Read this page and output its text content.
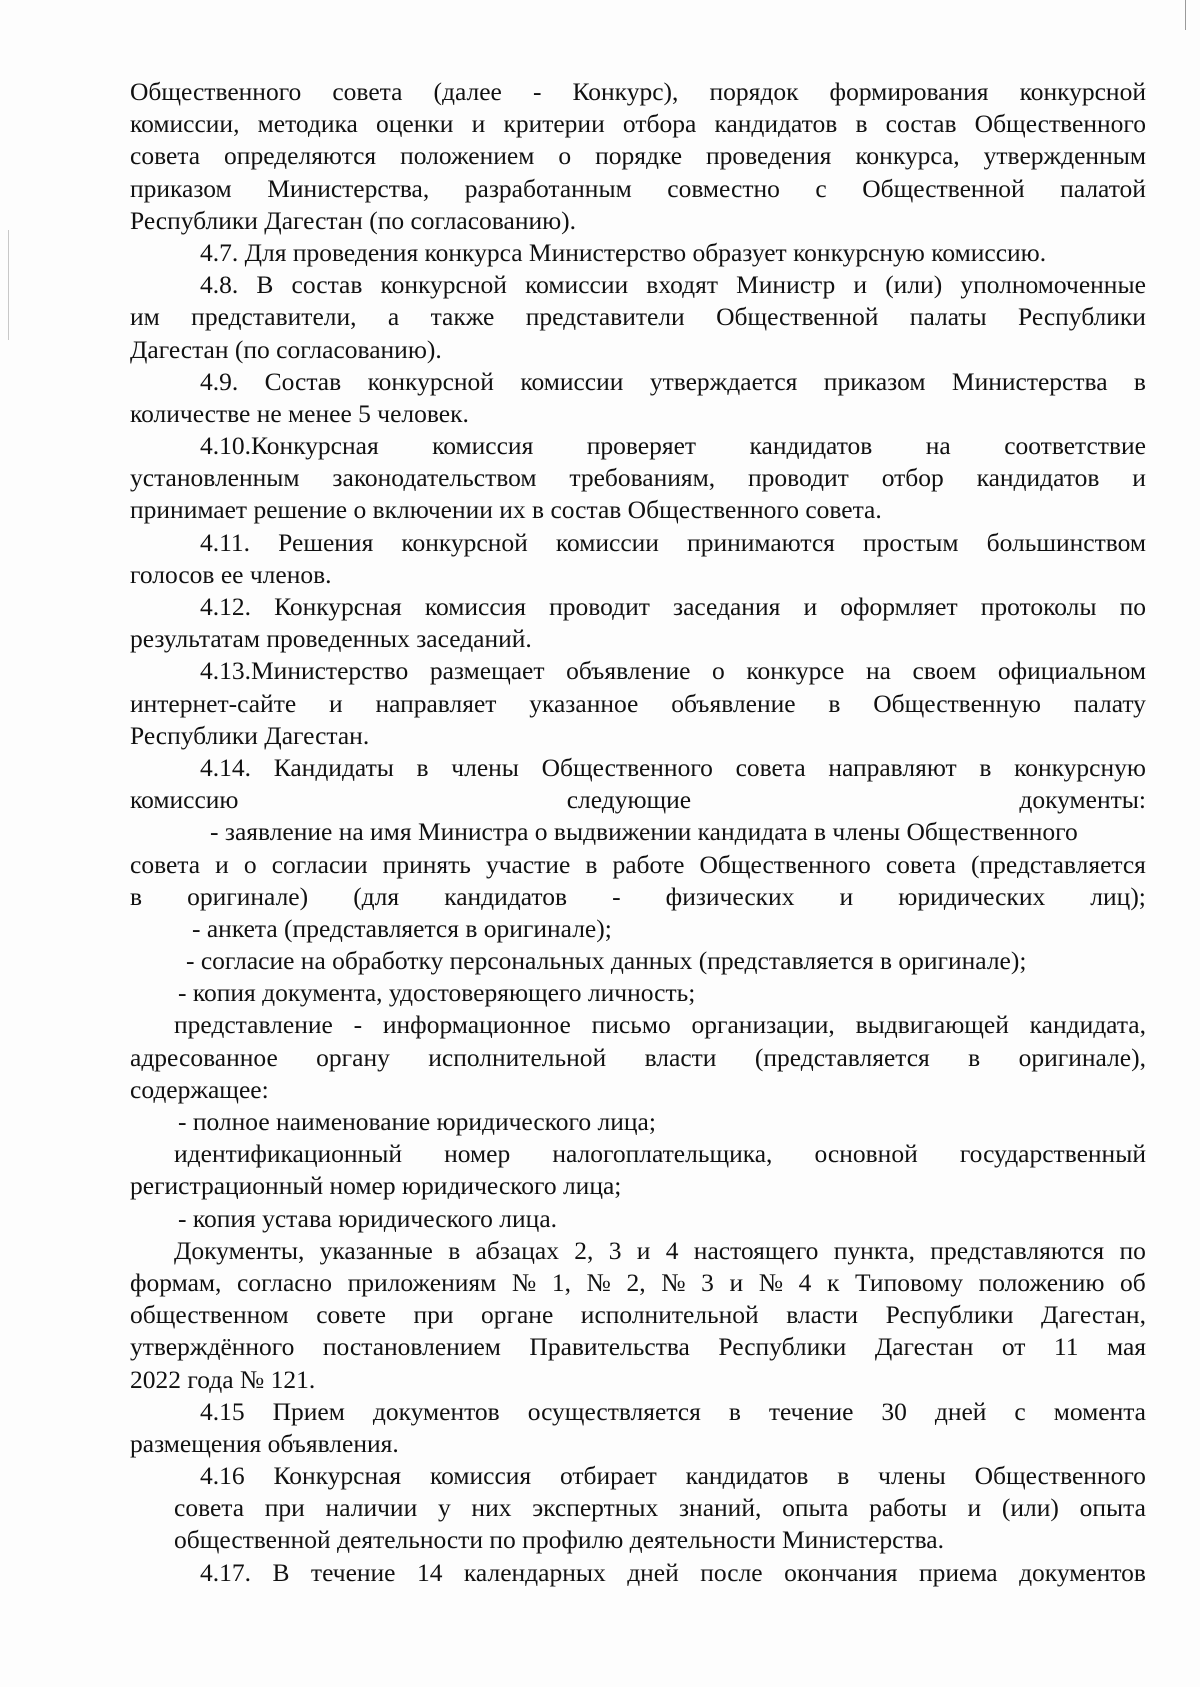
Общественного совета (далее - Конкурс), порядок формирования конкурсной
комиссии, методика оценки и критерии отбора кандидатов в состав Общественного
совета определяются положением о порядке проведения конкурса, утвержденным
приказом Министерства, разработанным совместно с Общественной палатой
Республики Дагестан (по согласованию).
4.7. Для проведения конкурса Министерство образует конкурсную комиссию.
4.8. В состав конкурсной комиссии входят Министр и (или) уполномоченные
им представители, а также представители Общественной палаты Республики
Дагестан (по согласованию).
4.9. Состав конкурсной комиссии утверждается приказом Министерства в
количестве не менее 5 человек.
4.10.Конкурсная комиссия проверяет кандидатов на соответствие
установленным законодательством требованиям, проводит отбор кандидатов и
принимает решение о включении их в состав Общественного совета.
4.11. Решения конкурсной комиссии принимаются простым большинством
голосов ее членов.
4.12. Конкурсная комиссия проводит заседания и оформляет протоколы по
результатам проведенных заседаний.
4.13.Министерство размещает объявление о конкурсе на своем официальном
интернет-сайте и направляет указанное объявление в Общественную палату
Республики Дагестан.
4.14. Кандидаты в члены Общественного совета направляют в конкурсную
комиссию	следующие	документы:
- заявление на имя Министра о выдвижении кандидата в члены Общественного
совета и о согласии принять участие в работе Общественного совета (представляется
в оригинале) (для кандидатов - физических и юридических лиц);
- анкета (представляется в оригинале);
- согласие на обработку персональных данных (представляется в оригинале);
- копия документа, удостоверяющего личность;
представление - информационное письмо организации, выдвигающей кандидата,
адресованное органу исполнительной власти (представляется в оригинале),
содержащее:
- полное наименование юридического лица;
идентификационный номер налогоплательщика, основной государственный
регистрационный номер юридического лица;
- копия устава юридического лица.
Документы, указанные в абзацах 2, 3 и 4 настоящего пункта, представляются по
формам, согласно приложениям № 1, № 2, № 3 и № 4 к Типовому положению об
общественном совете при органе исполнительной власти Республики Дагестан,
утверждённого постановлением Правительства Республики Дагестан от 11 мая
2022 года № 121.
4.15 Прием документов осуществляется в течение 30 дней с момента
размещения объявления.
4.16 Конкурсная комиссия отбирает кандидатов в члены Общественного
совета при наличии у них экспертных знаний, опыта работы и (или) опыта
общественной деятельности по профилю деятельности Министерства.
4.17. В течение 14 календарных дней после окончания приема документов
